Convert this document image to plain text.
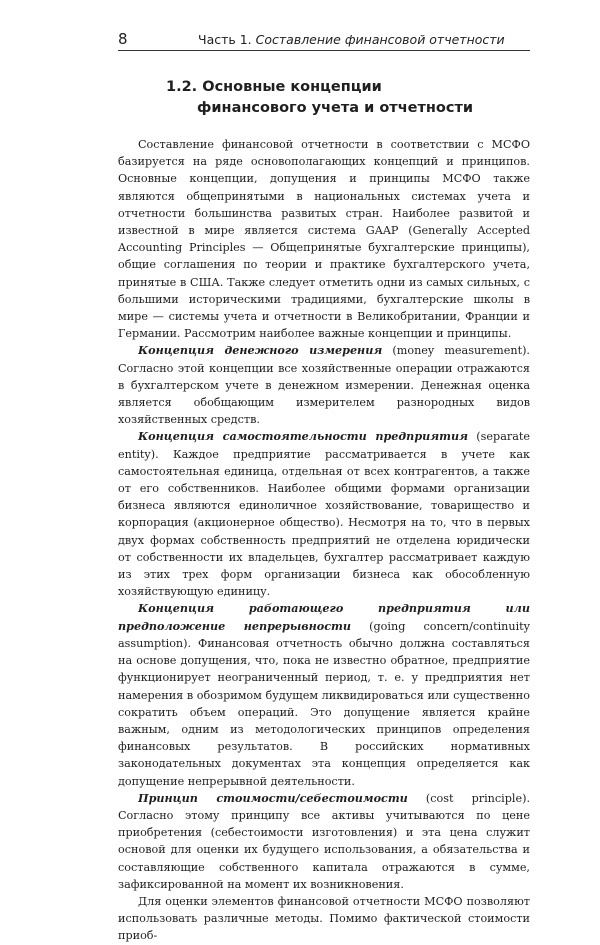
8	Часть 1. Составление финансовой отчетности
1.2. Основные концепции
финансового учета и отчетности

Составление финансовой отчетности в соответствии с МСФО базируется на ряде основополагающих концепций и принципов. Основные концепции, допущения и принципы МСФО также являются общепринятыми в национальных системах учета и отчетности большинства развитых стран. Наиболее развитой и известной в мире является система GAAP (Generally Accepted Accounting Principles — Общепринятые бухгалтерские принципы), общие соглашения по теории и практике бухгалтерского учета, принятые в США. Также следует отметить одни из самых сильных, с большими историческими традициями, бухгалтерские школы в мире — системы учета и отчетности в Великобритании, Франции и Германии. Рассмотрим наиболее важные концепции и принципы.

Концепция денежного измерения (money measurement). Согласно этой концепции все хозяйственные операции отражаются в бухгалтерском учете в денежном измерении. Денежная оценка является обобщающим измерителем разнородных видов хозяйственных средств.

Концепция самостоятельности предприятия (separate entity). Каждое предприятие рассматривается в учете как самостоятельная единица, отдельная от всех контрагентов, а также от его собственников. Наиболее общими формами организации бизнеса являются единоличное хозяйствование, товарищество и корпорация (акционерное общество). Несмотря на то, что в первых двух формах собственность предприятий не отделена юридически от собственности их владельцев, бухгалтер рассматривает каждую из этих трех форм организации бизнеса как обособленную хозяйствующую единицу.

Концепция работающего предприятия или предположение непрерывности (going concern/continuity assumption). Финансовая отчетность обычно должна составляться на основе допущения, что, пока не известно обратное, предприятие функционирует неограниченный период, т. е. у предприятия нет намерения в обозримом будущем ликвидироваться или существенно сократить объем операций. Это допущение является крайне важным, одним из методологических принципов определения финансовых результатов. В российских нормативных законодательных документах эта концепция определяется как допущение непрерывной деятельности.

Принцип стоимости/себестоимости (cost principle). Согласно этому принципу все активы учитываются по цене приобретения (себестоимости изготовления) и эта цена служит основой для оценки их будущего использования, а обязательства и составляющие собственного капитала отражаются в сумме, зафиксированной на момент их возникновения.

Для оценки элементов финансовой отчетности МСФО позволяют использовать различные методы. Помимо фактической стоимости приоб-
